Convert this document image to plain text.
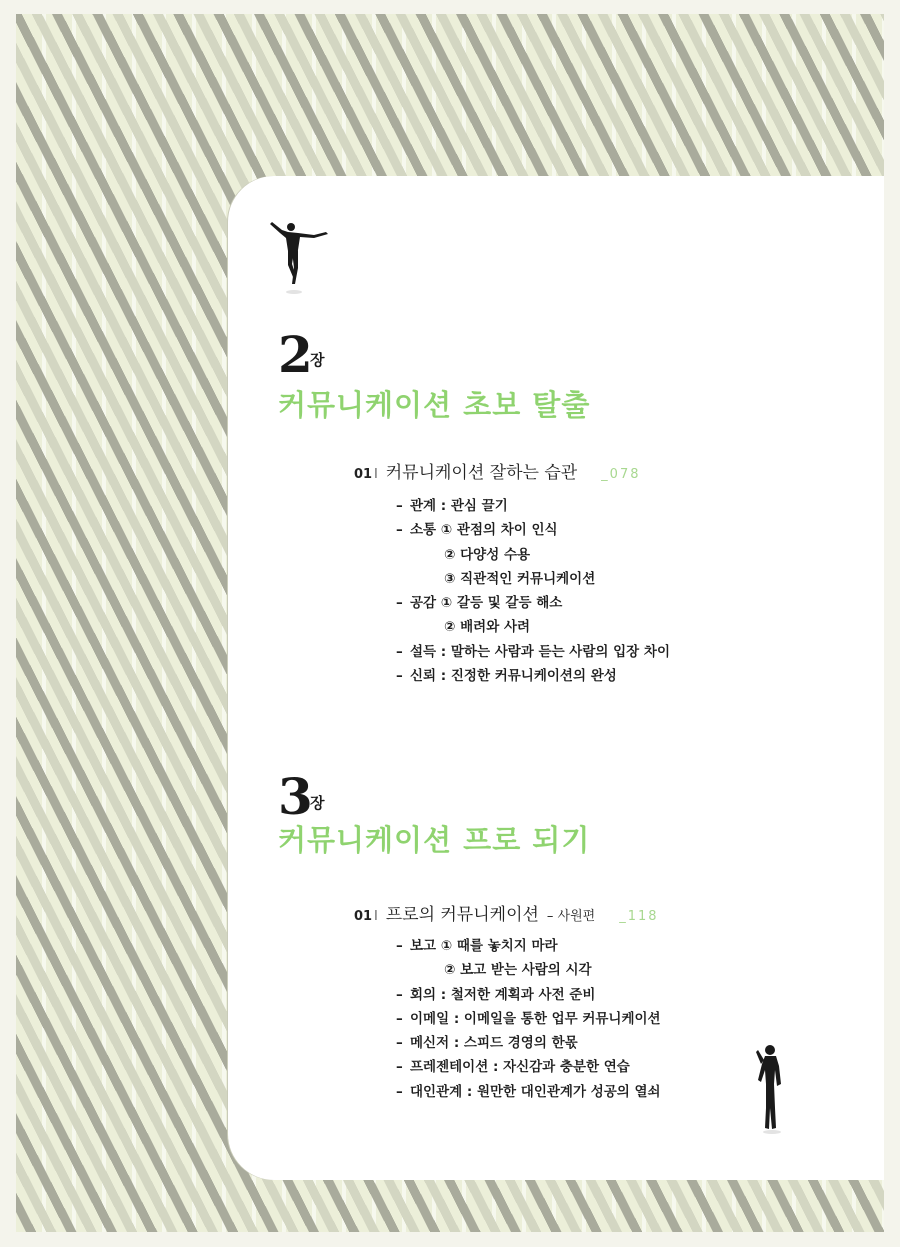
2
장
커뮤니케이션 초보 탈출
01 l 커뮤니케이션 잘하는 습관 _078
– 관계 : 관심 끌기
– 소통 ① 관점의 차이 인식
② 다양성 수용
③ 직관적인 커뮤니케이션
– 공감 ① 갈등 및 갈등 해소
② 배려와 사려
– 설득 : 말하는 사람과 듣는 사람의 입장 차이
– 신뢰 : 진정한 커뮤니케이션의 완성
3
장
커뮤니케이션 프로 되기
01 l 프로의 커뮤니케이션 – 사원편 _118
– 보고 ① 때를 놓치지 마라
② 보고 받는 사람의 시각
– 회의 : 철저한 계획과 사전 준비
– 이메일 : 이메일을 통한 업무 커뮤니케이션
– 메신저 : 스피드 경영의 한몫
– 프레젠테이션 : 자신감과 충분한 연습
– 대인관계 : 원만한 대인관계가 성공의 열쇠
